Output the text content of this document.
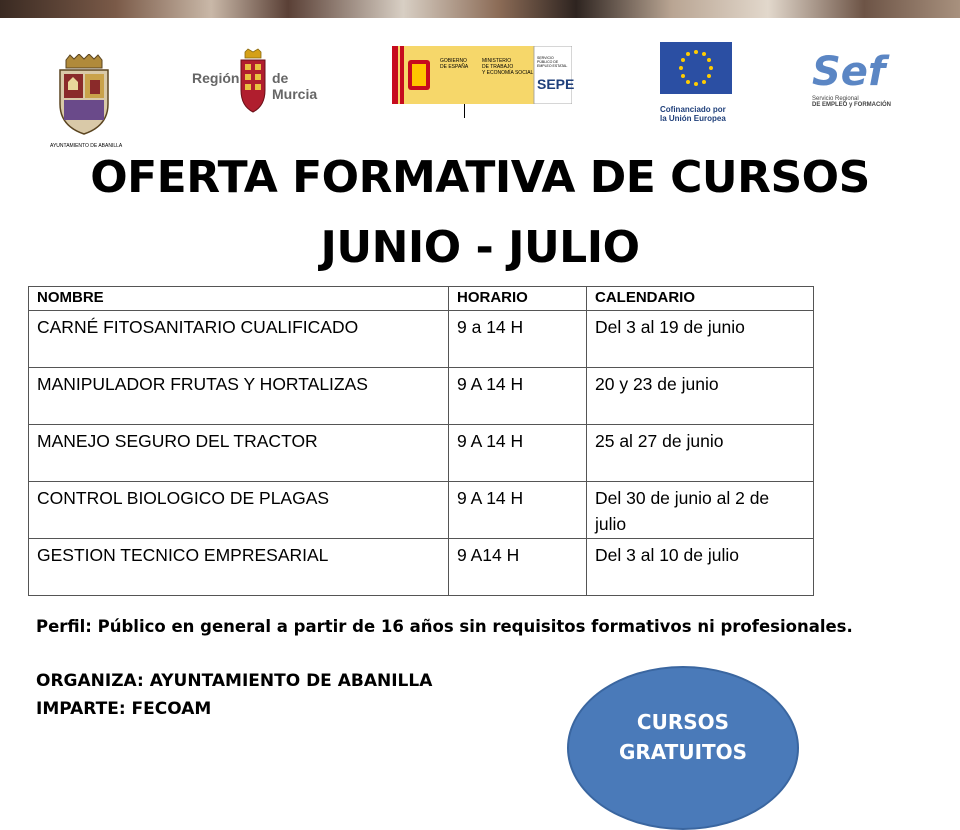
AYUNTAMIENTO DE ABANILLA
Región de Murcia
GOBIERNO
DE ESPAÑA
MINISTERIO
DE TRABAJO
Y ECONOMÍA SOCIAL
SERVICIO PÚBLICO DE EMPLEO ESTATAL
SEPE
Cofinanciado por
la Unión Europea
Sef
Servicio Regional
DE EMPLEO y FORMACIÓN
OFERTA FORMATIVA DE CURSOS
JUNIO - JULIO
NOMBRE	HORARIO	CALENDARIO
CARNÉ FITOSANITARIO CUALIFICADO	9 a 14 H	Del 3 al 19 de junio
MANIPULADOR FRUTAS Y HORTALIZAS	9 A 14 H	20 y 23 de junio
MANEJO SEGURO DEL TRACTOR	9 A 14 H	25 al 27 de junio
CONTROL BIOLOGICO DE PLAGAS	9 A 14 H	Del 30 de junio al 2 de julio
GESTION TECNICO EMPRESARIAL	9 A14 H	Del 3 al 10 de julio
Perfil: Público en general a partir de 16 años sin requisitos formativos ni profesionales.
ORGANIZA: AYUNTAMIENTO DE ABANILLA
IMPARTE: FECOAM
CURSOS
GRATUITOS
